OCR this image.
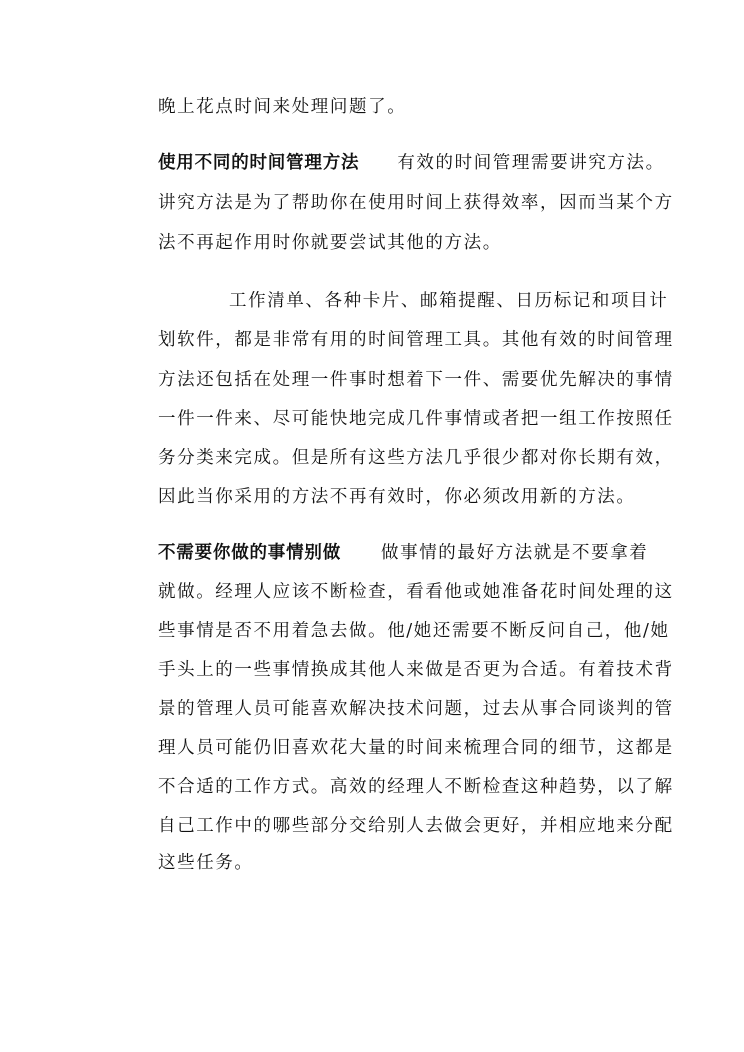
晚上花点时间来处理问题了。
使用不同的时间管理方法 有效的时间管理需要讲究方法。
讲究方法是为了帮助你在使用时间上获得效率，因而当某个方
法不再起作用时你就要尝试其他的方法。
工作清单、各种卡片、邮箱提醒、日历标记和项目计
划软件，都是非常有用的时间管理工具。其他有效的时间管理
方法还包括在处理一件事时想着下一件、需要优先解决的事情
一件一件来、尽可能快地完成几件事情或者把一组工作按照任
务分类来完成。但是所有这些方法几乎很少都对你长期有效，
因此当你采用的方法不再有效时，你必须改用新的方法。
不需要你做的事情别做 做事情的最好方法就是不要拿着
就做。经理人应该不断检查，看看他或她准备花时间处理的这
些事情是否不用着急去做。他/她还需要不断反问自己，他/她
手头上的一些事情换成其他人来做是否更为合适。有着技术背
景的管理人员可能喜欢解决技术问题，过去从事合同谈判的管
理人员可能仍旧喜欢花大量的时间来梳理合同的细节，这都是
不合适的工作方式。高效的经理人不断检查这种趋势，以了解
自己工作中的哪些部分交给别人去做会更好，并相应地来分配
这些任务。
